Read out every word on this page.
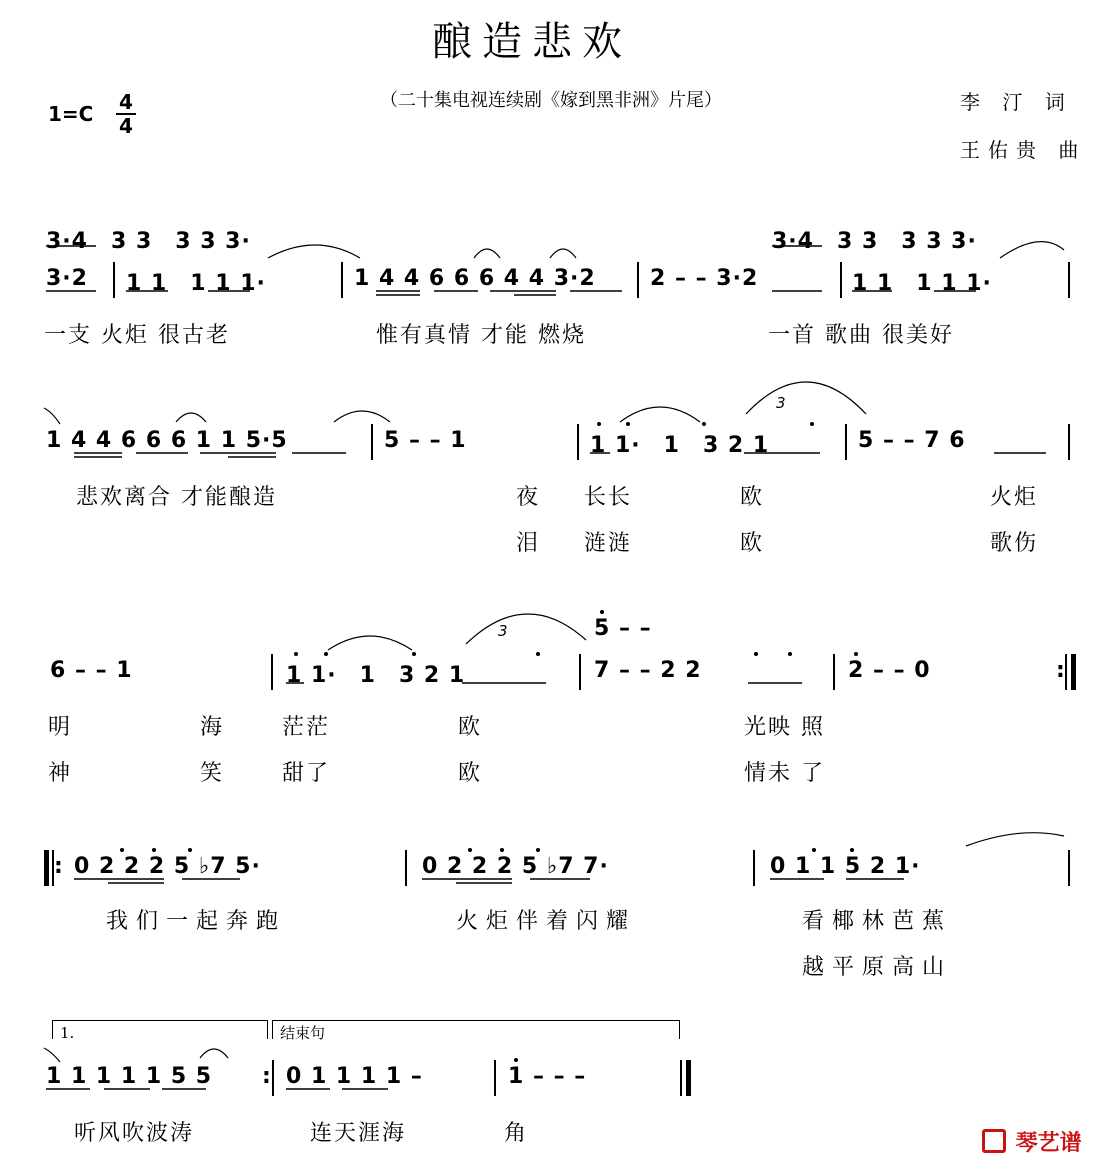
酿造悲欢
（二十集电视连续剧《嫁到黑非洲》片尾）	李 汀 词
王佑贵 曲
1=C 4
4
3·4　3 3　3 3 3·	3·4　3 3　3 3 3·
3·2 1 1　1 1 1·	1 4 4 6 6 6 4 4 3·2 2 – – 3·2	1 1　1 1 1·
一支 火炬 很古老	惟有真情 才能 燃烧	一首 歌曲 很美好
1 4 4 6 6 6 1 1 5·5	5 – – 1	1 1·　1　3 2 1	5 – – 7 6
3
悲欢离合 才能酿造	夜 长长	欧	火炬
泪 涟涟	欧	歌伤
5 – –
6 – – 1	1 1·　1　3 2 1	7 – – 2 2	2 – – 0
3
:
明	海	茫茫	欧	光映 照
神	笑	甜了	欧	情未 了
: 0 2 2 2 5 ♭7 5·	0 2 2 2 5 ♭7 7·	0 1 1 5 2 1·
我们一起奔跑	火炬伴着闪耀	看椰林芭蕉
越平原高山
1.	结束句
1 1 1 1 1 5 5 : 0 1 1 1 1 –	1 – – –
听风吹波涛	连天涯海	角	琴艺谱
